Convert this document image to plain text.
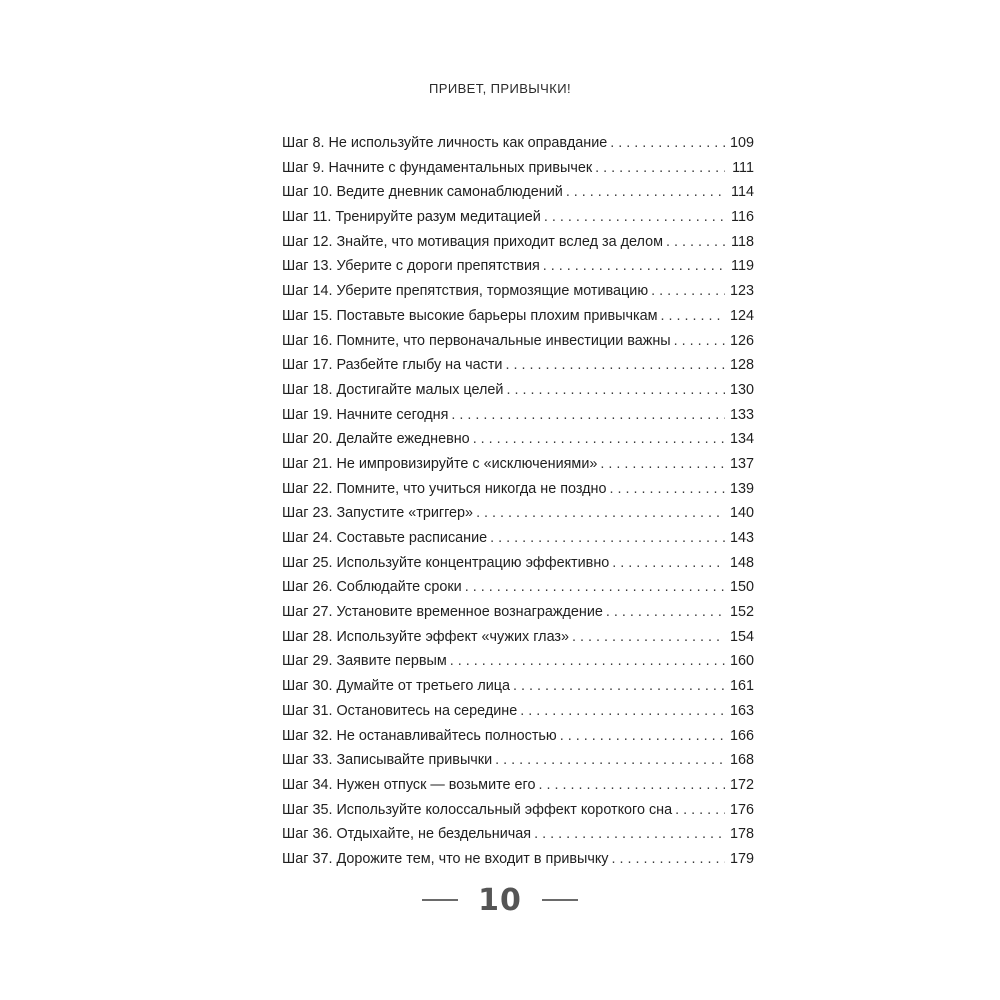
ПРИВЕТ, ПРИВЫЧКИ!
Шаг 8. Не используйте личность как оправдание . . .	109
Шаг 9. Начните с фундаментальных привычек . . .	111
Шаг 10. Ведите дневник самонаблюдений . . .	114
Шаг 11. Тренируйте разум медитацией . . .	116
Шаг 12. Знайте, что мотивация приходит вслед за делом . . .	118
Шаг 13. Уберите с дороги препятствия . . .	119
Шаг 14. Уберите препятствия, тормозящие мотивацию . . .	123
Шаг 15. Поставьте высокие барьеры плохим привычкам . . .	124
Шаг 16. Помните, что первоначальные инвестиции важны . . .	126
Шаг 17. Разбейте глыбу на части . . .	128
Шаг 18. Достигайте малых целей . . .	130
Шаг 19. Начните сегодня . . .	133
Шаг 20. Делайте ежедневно . . .	134
Шаг 21. Не импровизируйте с «исключениями» . . .	137
Шаг 22. Помните, что учиться никогда не поздно . . .	139
Шаг 23. Запустите «триггер» . . .	140
Шаг 24. Составьте расписание . . .	143
Шаг 25. Используйте концентрацию эффективно . . .	148
Шаг 26. Соблюдайте сроки . . .	150
Шаг 27. Установите временное вознаграждение . . .	152
Шаг 28. Используйте эффект «чужих глаз» . . .	154
Шаг 29. Заявите первым . . .	160
Шаг 30. Думайте от третьего лица . . .	161
Шаг 31. Остановитесь на середине . . .	163
Шаг 32. Не останавливайтесь полностью . . .	166
Шаг 33. Записывайте привычки . . .	168
Шаг 34. Нужен отпуск — возьмите его . . .	172
Шаг 35. Используйте колоссальный эффект короткого сна . . .	176
Шаг 36. Отдыхайте, не бездельничая . . .	178
Шаг 37. Дорожите тем, что не входит в привычку . . .	179
10
